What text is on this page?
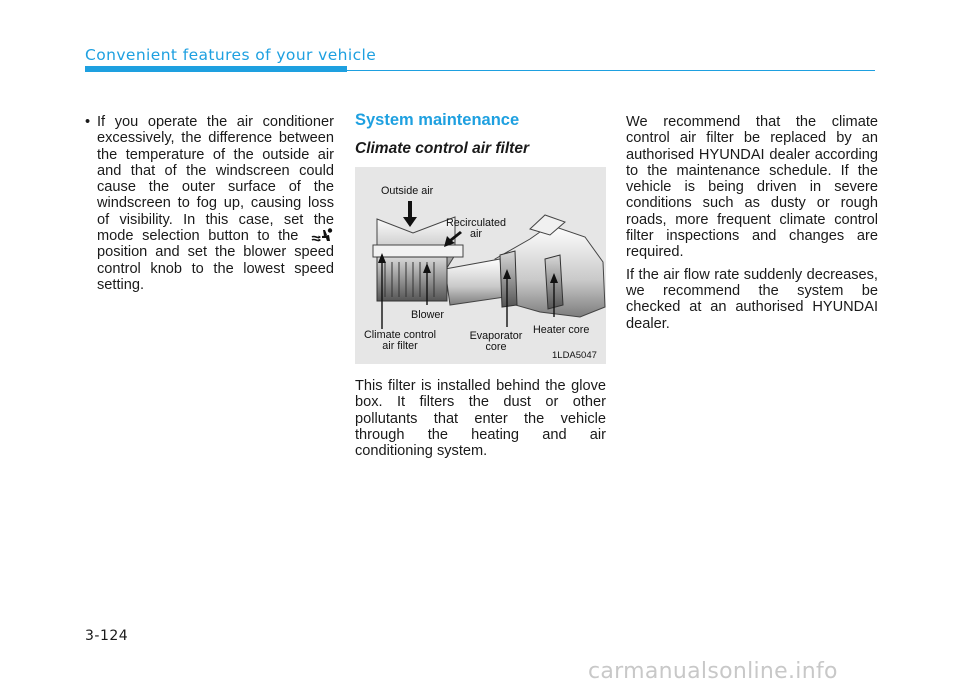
Convenient features of your vehicle
• If you operate the air conditioner excessively, the difference between the temperature of the outside air and that of the windscreen could cause the outer surface of the windscreen to fog up, causing loss of visibility. In this case, set the mode selection button to the  position and set the blower speed control knob to the lowest speed setting.
System maintenance
Climate control air filter
Outside air
Recirculated air
Blower
Climate control air filter
Evaporator core
Heater core
1LDA5047

This filter is installed behind the glove box. It filters the dust or other pollutants that enter the vehicle through the heating and air conditioning system.

We recommend that the climate control air filter be replaced by an authorised HYUNDAI dealer according to the maintenance schedule. If the vehicle is being driven in severe conditions such as dusty or rough roads, more frequent climate control filter inspections and changes are required.

If the air flow rate suddenly decreases, we recommend the system be checked at an authorised HYUNDAI dealer.

3-124
carmanualsonline.info
